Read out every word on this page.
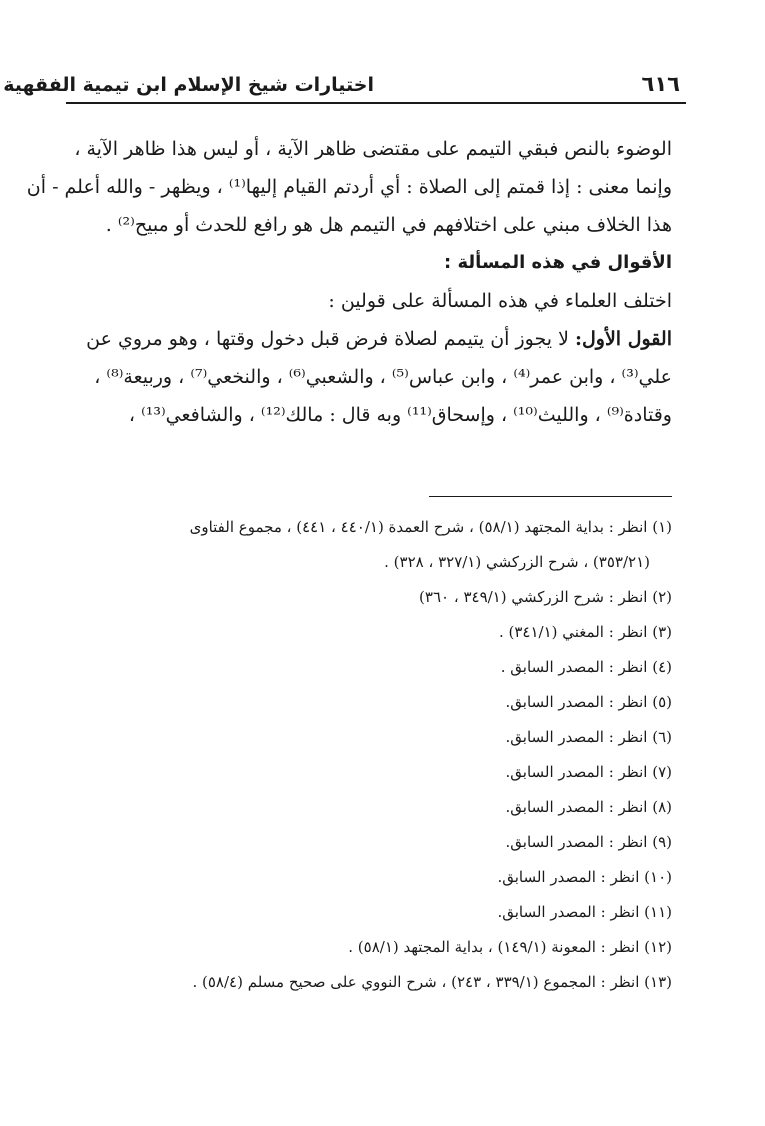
٦١٦
اختيارات شيخ الإسلام ابن تيمية الفقهية
الوضوء بالنص فبقي التيمم على مقتضى ظاهر الآية ، أو ليس هذا ظاهر الآية ،
وإنما معنى : إذا قمتم إلى الصلاة : أي أردتم القيام إليها⁽¹⁾ ، ويظهر - والله أعلم - أن
هذا الخلاف مبني على اختلافهم في التيمم هل هو رافع للحدث أو مبيح⁽²⁾ .
الأقوال في هذه المسألة :
اختلف العلماء في هذه المسألة على قولين :
القول الأول: لا يجوز أن يتيمم لصلاة فرض قبل دخول وقتها ، وهو مروي عن
علي⁽³⁾ ، وابن عمر⁽⁴⁾ ، وابن عباس⁽⁵⁾ ، والشعبي⁽⁶⁾ ، والنخعي⁽⁷⁾ ، وربيعة⁽⁸⁾ ،
وقتادة⁽⁹⁾ ، والليث⁽¹⁰⁾ ، وإسحاق⁽¹¹⁾ وبه قال : مالك⁽¹²⁾ ، والشافعي⁽¹³⁾ ،
(١) انظر : بداية المجتهد (٥٨/١) ، شرح العمدة (٤٤٠/١ ، ٤٤١) ، مجموع الفتاوى
(٣٥٣/٢١) ، شرح الزركشي (٣٢٧/١ ، ٣٢٨) .
(٢) انظر : شرح الزركشي (٣٤٩/١ ، ٣٦٠)
(٣) انظر : المغني (٣٤١/١) .
(٤) انظر : المصدر السابق .
(٥) انظر : المصدر السابق.
(٦) انظر : المصدر السابق.
(٧) انظر : المصدر السابق.
(٨) انظر : المصدر السابق.
(٩) انظر : المصدر السابق.
(١٠) انظر : المصدر السابق.
(١١) انظر : المصدر السابق.
(١٢) انظر : المعونة (١٤٩/١) ، بداية المجتهد (٥٨/١) .
(١٣) انظر : المجموع (٣٣٩/١ ، ٢٤٣) ، شرح النووي على صحيح مسلم (٥٨/٤) .
